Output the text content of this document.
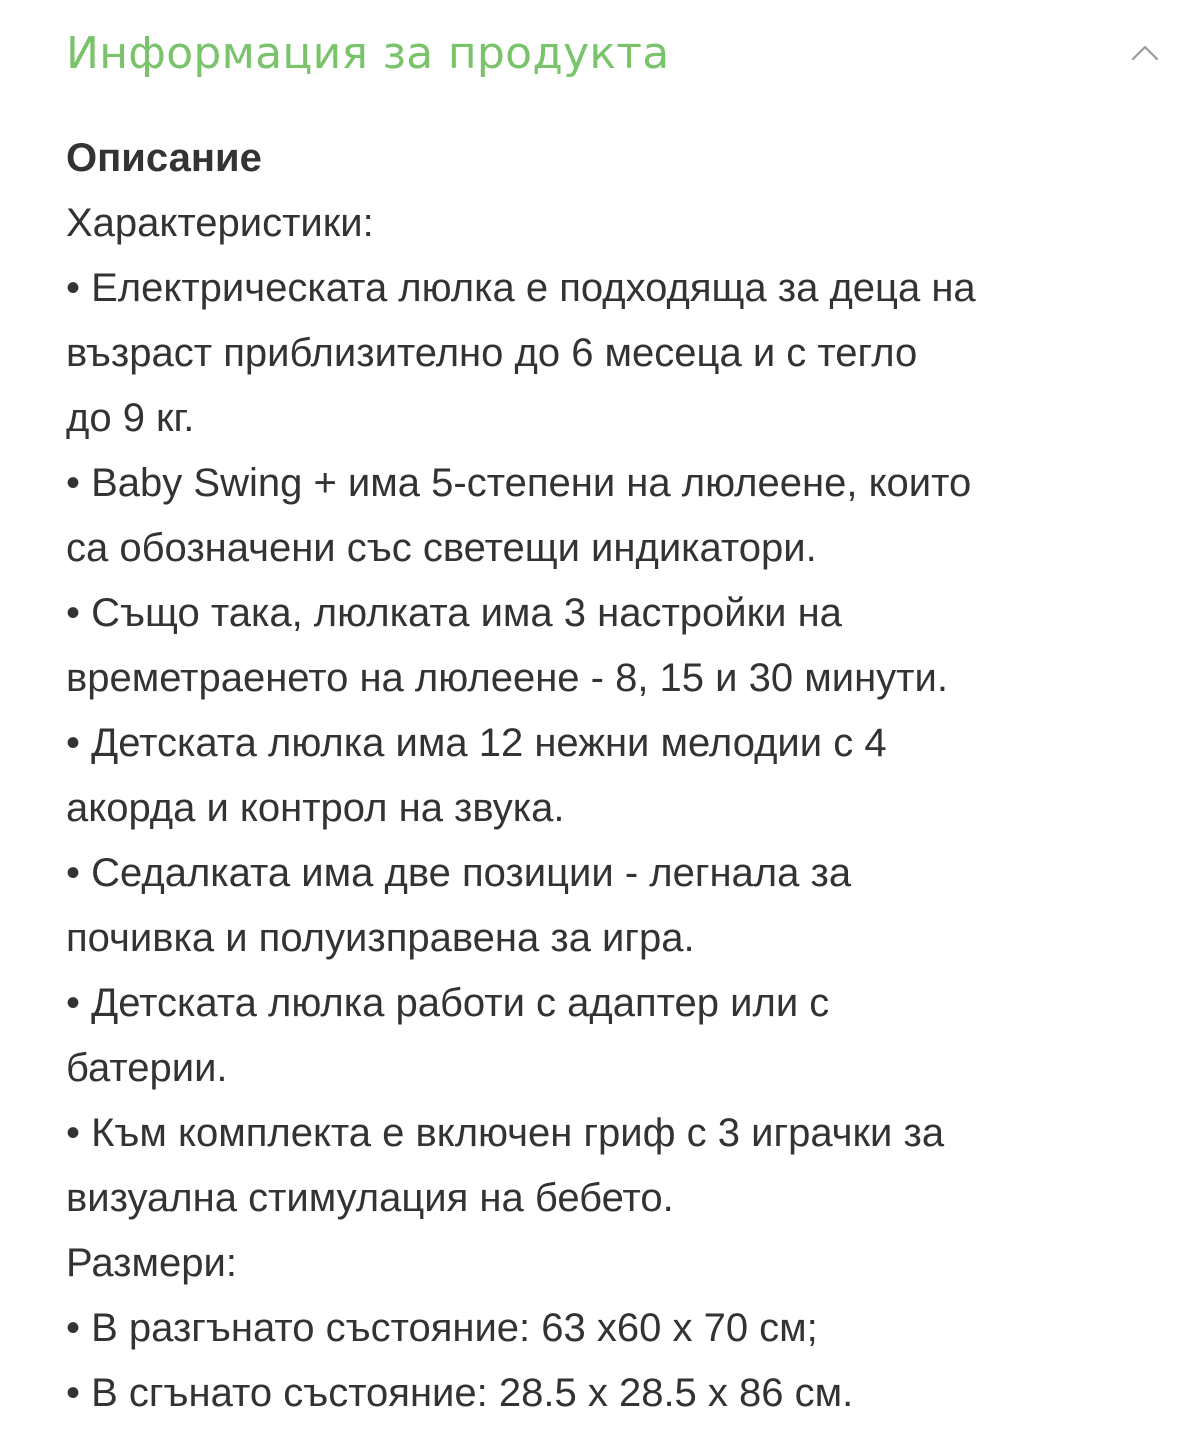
Информация за продукта
Описание
Характеристики:
• Електрическата люлка е подходяща за деца на
възраст приблизително до 6 месеца и с тегло
до 9 кг.
• Baby Swing + има 5-степени на люлеене, които
са обозначени със светещи индикатори.
• Също така, люлката има 3 настройки на
времетраенето на люлеене - 8, 15 и 30 минути.
• Детската люлка има 12 нежни мелодии с 4
акорда и контрол на звука.
• Седалката има две позиции - легнала за
почивка и полуизправена за игра.
• Детската люлка работи с адаптер или с
батерии.
• Към комплекта е включен гриф с 3 играчки за
визуална стимулация на бебето.
Размери:
• В разгънато състояние: 63 х60 х 70 см;
• В сгънато състояние: 28.5 х 28.5 х 86 см.
